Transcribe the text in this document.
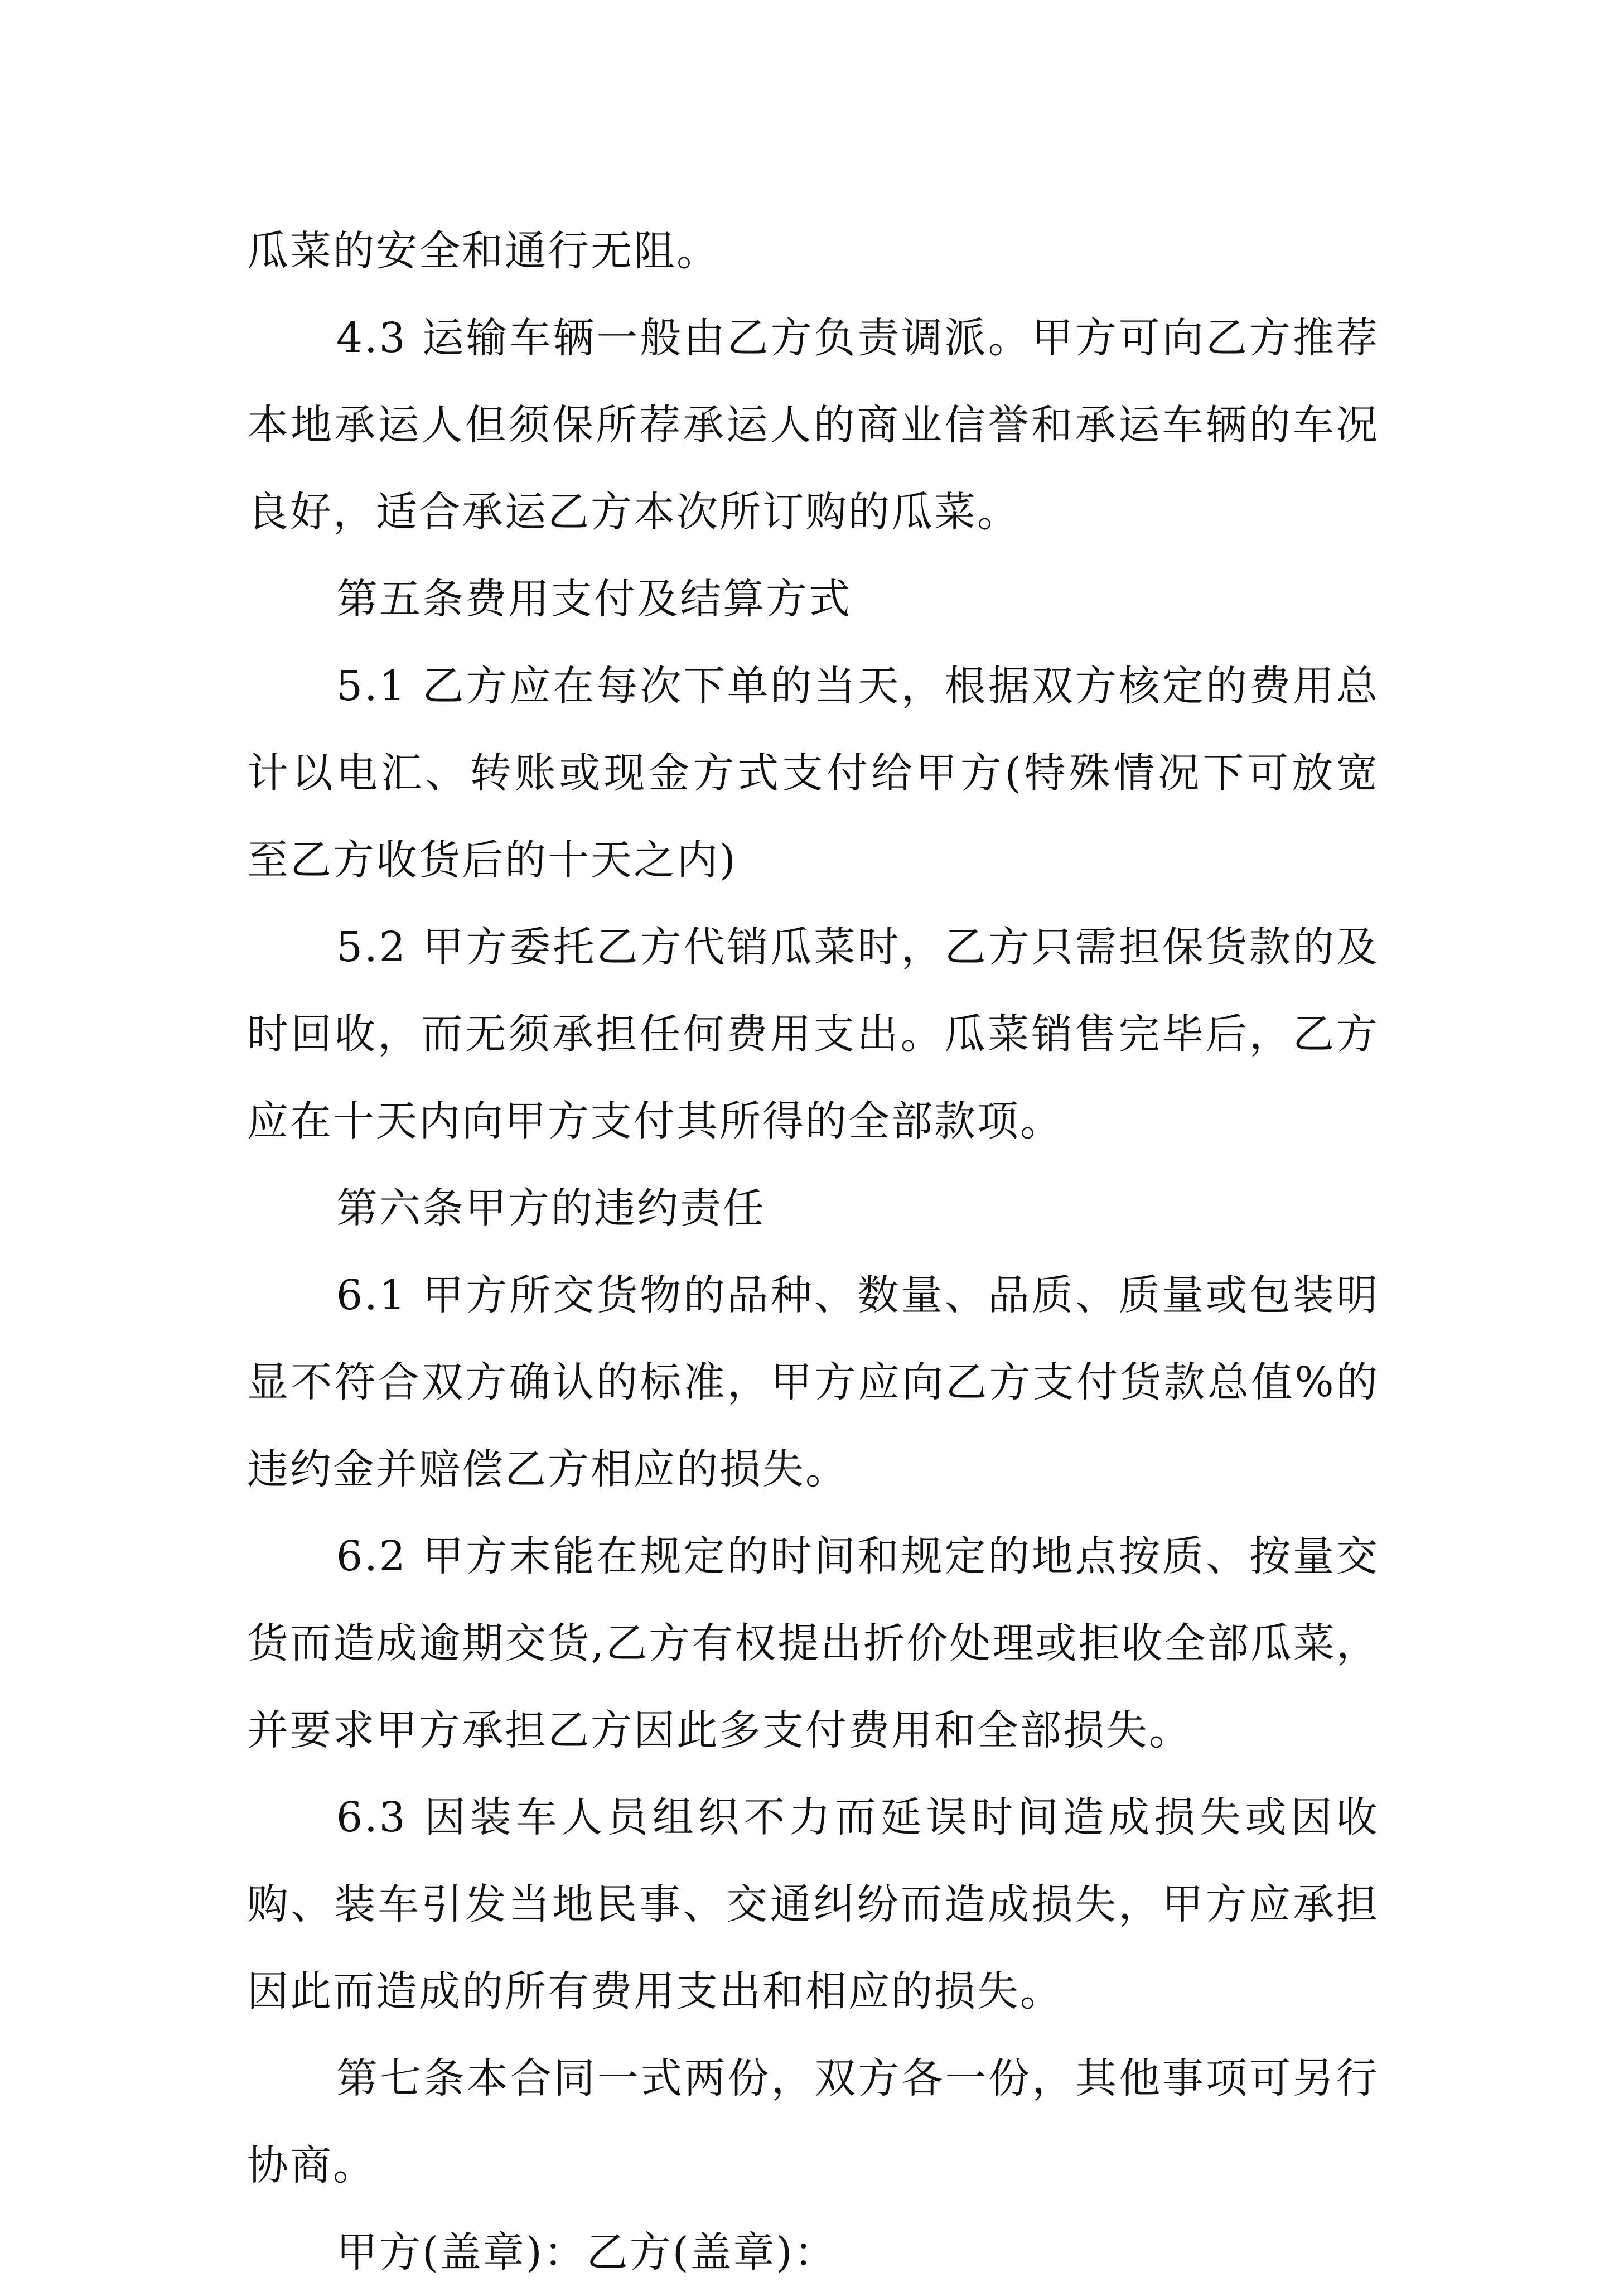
瓜菜的安全和通行无阻。

4.3 运输车辆一般由乙方负责调派。甲方可向乙方推荐本地承运人但须保所荐承运人的商业信誉和承运车辆的车况良好，适合承运乙方本次所订购的瓜菜。

第五条费用支付及结算方式

5.1 乙方应在每次下单的当天，根据双方核定的费用总计以电汇、转账或现金方式支付给甲方(特殊情况下可放宽至乙方收货后的十天之内)

5.2 甲方委托乙方代销瓜菜时，乙方只需担保货款的及时回收，而无须承担任何费用支出。瓜菜销售完毕后，乙方应在十天内向甲方支付其所得的全部款项。

第六条甲方的违约责任

6.1 甲方所交货物的品种、数量、品质、质量或包装明显不符合双方确认的标准，甲方应向乙方支付货款总值%的违约金并赔偿乙方相应的损失。

6.2 甲方末能在规定的时间和规定的地点按质、按量交货而造成逾期交货,乙方有权提出折价处理或拒收全部瓜菜，并要求甲方承担乙方因此多支付费用和全部损失。

6.3 因装车人员组织不力而延误时间造成损失或因收购、装车引发当地民事、交通纠纷而造成损失，甲方应承担因此而造成的所有费用支出和相应的损失。

第七条本合同一式两份，双方各一份，其他事项可另行协商。

甲方(盖章)：乙方(盖章)：
